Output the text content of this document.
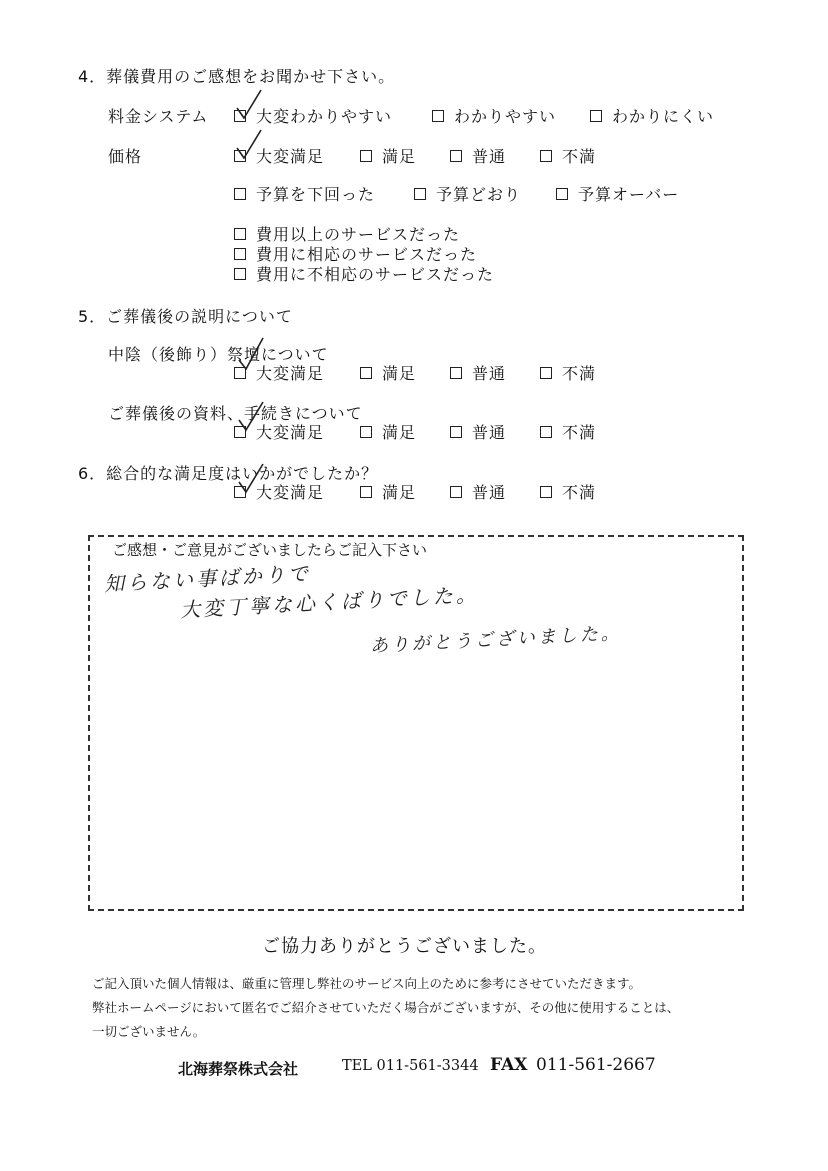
4．葬儀費用のご感想をお聞かせ下さい。
料金システム	大変わかりやすい	わかりやすい	わかりにくい
価格	大変満足	満足	普通	不満
予算を下回った	予算どおり	予算オーバー
費用以上のサービスだった
費用に相応のサービスだった
費用に不相応のサービスだった
5．ご葬儀後の説明について
中陰（後飾り）祭壇について
大変満足	満足	普通	不満
ご葬儀後の資料、手続きについて
大変満足	満足	普通	不満
6．総合的な満足度はいかがでしたか？
大変満足	満足	普通	不満
ご感想・ご意見がございましたらご記入下さい
知らない事ばかりで
大変丁寧な心くばりでした。
ありがとうございました。
ご協力ありがとうございました。
ご記入頂いた個人情報は、厳重に管理し弊社のサービス向上のために参考にさせていただきます。
弊社ホームページにおいて匿名でご紹介させていただく場合がございますが、その他に使用することは、
一切ございません。
北海葬祭株式会社	TEL 011-561-3344 FAX 011-561-2667
